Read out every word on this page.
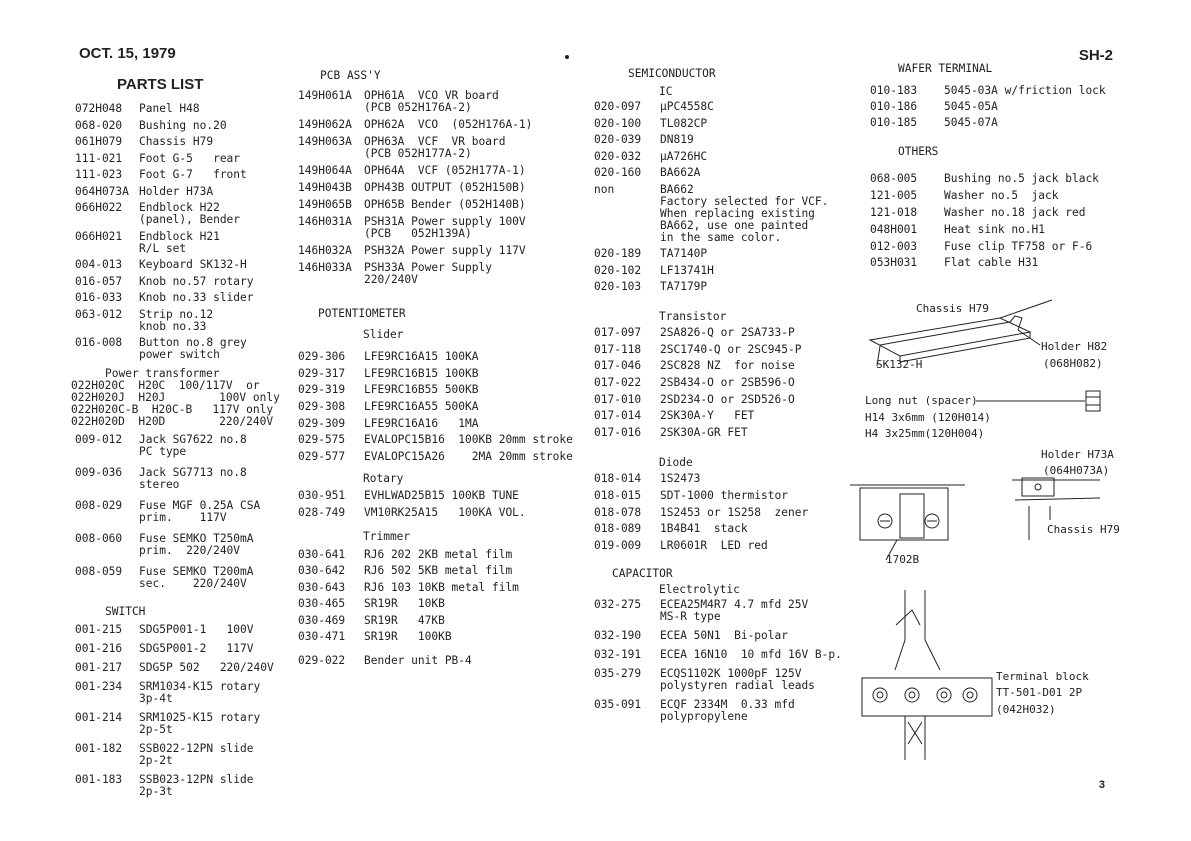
OCT. 15, 1979	SH-2
PARTS LIST
3
072H048	Panel H48
068-020	Bushing no.20
061H079	Chassis H79
111-021	Foot G-5   rear
111-023	Foot G-7   front
064H073A Holder H73A
066H022	Endblock H22
(panel), Bender
066H021	Endblock H21
R/L set
004-013	Keyboard SK132-H
016-057	Knob no.57 rotary
016-033	Knob no.33 slider
063-012	Strip no.12
knob no.33
016-008	Button no.8 grey
power switch
Power transformer
022H020C  H20C  100/117V  or
022H020J  H20J        100V only
022H020C-B  H20C-B   117V only
022H020D  H20D        220/240V
009-012	Jack SG7622 no.8
PC type
009-036	Jack SG7713 no.8
stereo
008-029	Fuse MGF 0.25A CSA
prim.    117V
008-060	Fuse SEMKO T250mA
prim.  220/240V
008-059	Fuse SEMKO T200mA
sec.    220/240V
SWITCH
001-215	SDG5P001-1   100V
001-216	SDG5P001-2   117V
001-217	SDG5P 502   220/240V
001-234	SRM1034-K15 rotary
3p-4t
001-214	SRM1025-K15 rotary
2p-5t
001-182	SSB022-12PN slide
2p-2t
001-183	SSB023-12PN slide
2p-3t
PCB ASS'Y
149H061A	OPH61A  VCO VR board
(PCB 052H176A-2)
149H062A	OPH62A  VCO  (052H176A-1)
149H063A	OPH63A  VCF  VR board
(PCB 052H177A-2)
149H064A	OPH64A  VCF (052H177A-1)
149H043B	OPH43B OUTPUT (052H150B)
149H065B	OPH65B Bender (052H140B)
146H031A	PSH31A Power supply 100V
(PCB   052H139A)
146H032A	PSH32A Power supply 117V
146H033A	PSH33A Power Supply
220/240V
POTENTIOMETER
Slider
029-306	LFE9RC16A15 100KA
029-317	LFE9RC16B15 100KB
029-319	LFE9RC16B55 500KB
029-308	LFE9RC16A55 500KA
029-309	LFE9RC16A16   1MA
029-575	EVALOPC15B16  100KB 20mm stroke
029-577	EVALOPC15A26    2MA 20mm stroke
Rotary
030-951	EVHLWAD25B15 100KB TUNE
028-749	VM10RK25A15   100KA VOL.
Trimmer
030-641	RJ6 202 2KB metal film
030-642	RJ6 502 5KB metal film
030-643	RJ6 103 10KB metal film
030-465	SR19R   10KB
030-469	SR19R   47KB
030-471	SR19R   100KB
029-022	Bender unit PB-4
SEMICONDUCTOR
IC
020-097	μPC4558C
020-100	TL082CP
020-039	DN819
020-032	μA726HC
020-160	BA662A
non	BA662
Factory selected for VCF.
When replacing existing
BA662, use one painted
in the same color.
020-189	TA7140P
020-102	LF13741H
020-103	TA7179P
Transistor
017-097	2SA826-Q or 2SA733-P
017-118	2SC1740-Q or 2SC945-P
017-046	2SC828 NZ  for noise
017-022	2SB434-O or 2SB596-O
017-010	2SD234-O or 2SD526-O
017-014	2SK30A-Y   FET
017-016	2SK30A-GR FET
Diode
018-014	1S2473
018-015	SDT-1000 thermistor
018-078	1S2453 or 1S258  zener
018-089	1B4B41  stack
019-009	LR0601R  LED red
CAPACITOR
Electrolytic
032-275	ECEA25M4R7 4.7 mfd 25V
MS-R type
032-190	ECEA 50N1  Bi-polar
032-191	ECEA 16N10  10 mfd 16V B-p.
035-279	ECQS1102K 1000pF 125V
polystyren radial leads
035-091	ECQF 2334M  0.33 mfd
polypropylene
WAFER TERMINAL
010-183	5045-03A w/friction lock
010-186	5045-05A
010-185	5045-07A
OTHERS
068-005	Bushing no.5 jack black
121-005	Washer no.5  jack
121-018	Washer no.18 jack red
048H001	Heat sink no.H1
012-003	Fuse clip TF758 or F-6
053H031	Flat cable H31
Chassis H79
Holder H82
(068H082)
SK132-H
Long nut (spacer)
H14 3x6mm (120H014)
H4 3x25mm(120H004)
1702B
Holder H73A
(064H073A)
Chassis H79
Terminal block
TT-501-D01 2P
(042H032)
